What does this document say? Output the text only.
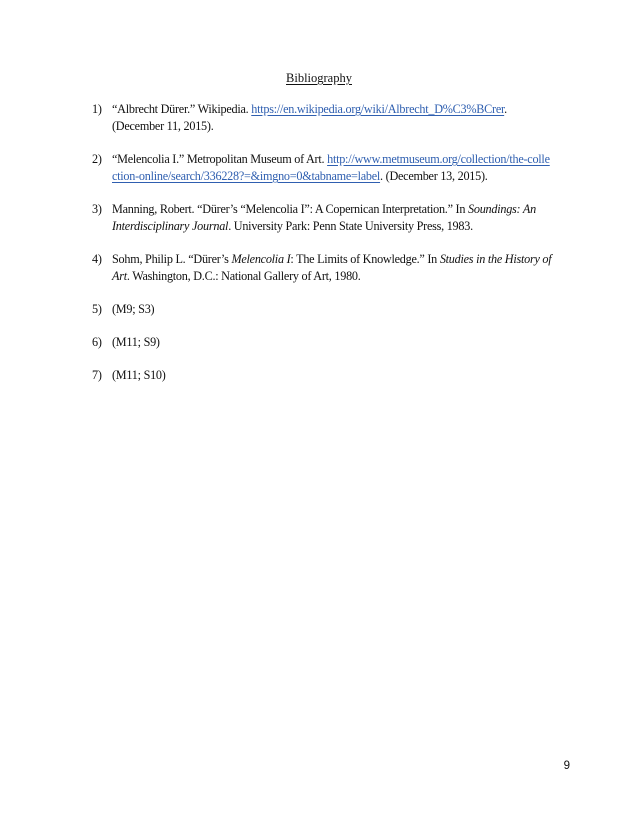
Bibliography
1) “Albrecht Dürer.” Wikipedia. https://en.wikipedia.org/wiki/Albrecht_D%C3%BCrer. (December 11, 2015).
2) “Melencolia I.” Metropolitan Museum of Art. http://www.metmuseum.org/collection/the-collection-online/search/336228?=&imgno=0&tabname=label. (December 13, 2015).
3) Manning, Robert. “Dürer’s “Melencolia I”: A Copernican Interpretation.” In Soundings: An Interdisciplinary Journal. University Park: Penn State University Press, 1983.
4) Sohm, Philip L. “Dürer’s Melencolia I: The Limits of Knowledge.” In Studies in the History of Art. Washington, D.C.: National Gallery of Art, 1980.
5) (M9; S3)
6) (M11; S9)
7) (M11; S10)
9
